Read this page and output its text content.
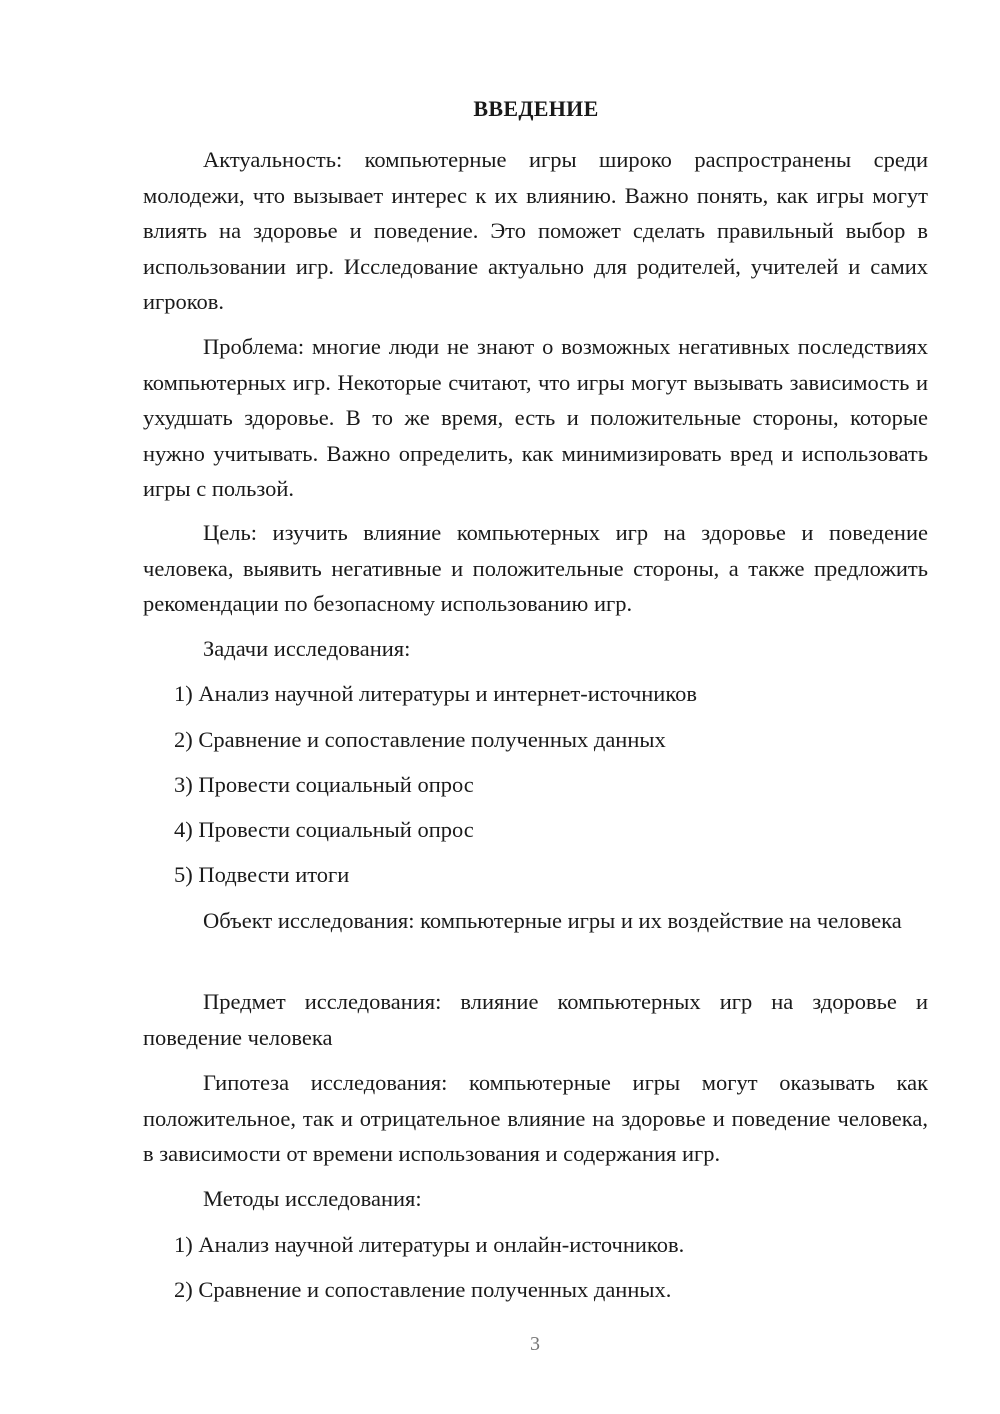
ВВЕДЕНИЕ

Актуальность: компьютерные игры широко распространены среди молодежи, что вызывает интерес к их влиянию. Важно понять, как игры могут влиять на здоровье и поведение. Это поможет сделать правильный выбор в использовании игр. Исследование актуально для родителей, учителей и самих игроков.

Проблема: многие люди не знают о возможных негативных последствиях компьютерных игр. Некоторые считают, что игры могут вызывать зависимость и ухудшать здоровье. В то же время, есть и положительные стороны, которые нужно учитывать. Важно определить, как минимизировать вред и использовать игры с пользой.

Цель: изучить влияние компьютерных игр на здоровье и поведение человека, выявить негативные и положительные стороны, а также предложить рекомендации по безопасному использованию игр.

Задачи исследования:

1) Анализ научной литературы и интернет-источников

2) Сравнение и сопоставление полученных данных

3) Провести социальный опрос

4) Провести социальный опрос

5) Подвести итоги

Объект исследования: компьютерные игры и их воздействие на человека

Предмет исследования: влияние компьютерных игр на здоровье и поведение человека

Гипотеза исследования: компьютерные игры могут оказывать как положительное, так и отрицательное влияние на здоровье и поведение человека, в зависимости от времени использования и содержания игр.

Методы исследования:

1) Анализ научной литературы и онлайн-источников.

2) Сравнение и сопоставление полученных данных.

3
